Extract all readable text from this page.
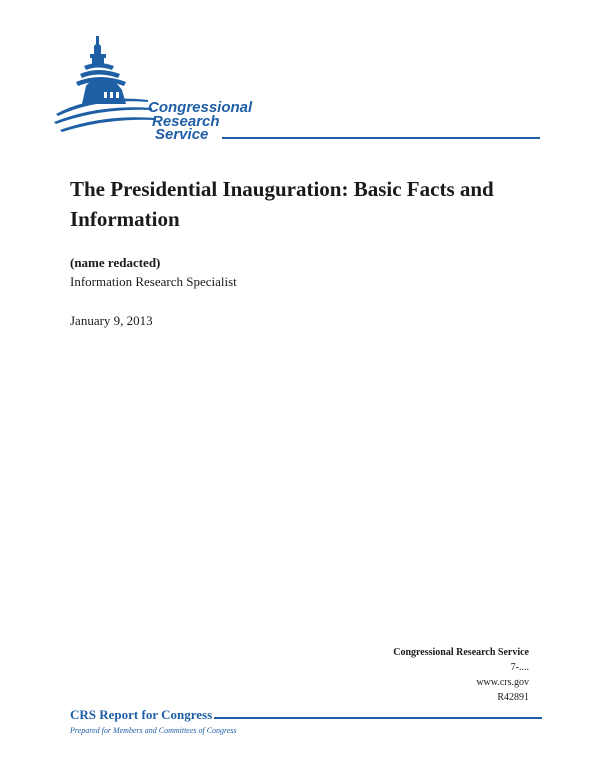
Congressional
Research
Service
The Presidential Inauguration: Basic Facts and Information
(name redacted)
Information Research Specialist
January 9, 2013
Congressional Research Service
7-....
www.crs.gov
R42891
CRS Report for Congress
Prepared for Members and Committees of Congress
